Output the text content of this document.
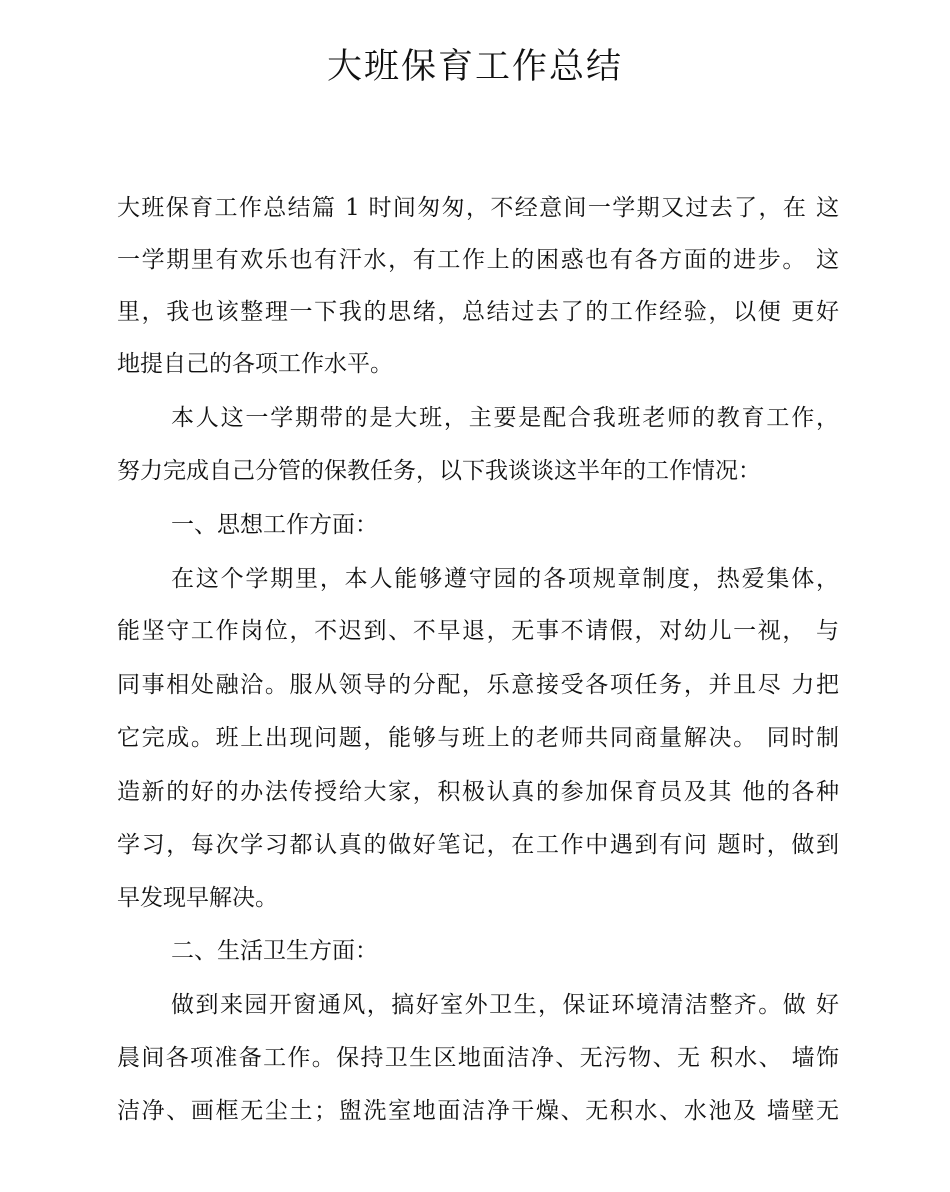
大班保育工作总结
大班保育工作总结篇 1 时间匆匆，不经意间一学期又过去了，在 这
一学期里有欢乐也有汗水，有工作上的困惑也有各方面的进步。 这
里，我也该整理一下我的思绪，总结过去了的工作经验，以便 更好
地提自己的各项工作水平。
本人这一学期带的是大班，主要是配合我班老师的教育工作，
努力完成自己分管的保教任务，以下我谈谈这半年的工作情况：
一、思想工作方面：
在这个学期里，本人能够遵守园的各项规章制度，热爱集体，
能坚守工作岗位，不迟到、不早退，无事不请假，对幼儿一视， 与
同事相处融洽。服从领导的分配，乐意接受各项任务，并且尽 力把
它完成。班上出现问题，能够与班上的老师共同商量解决。 同时制
造新的好的办法传授给大家，积极认真的参加保育员及其 他的各种
学习，每次学习都认真的做好笔记，在工作中遇到有问 题时，做到
早发现早解决。
二、生活卫生方面：
做到来园开窗通风，搞好室外卫生，保证环境清洁整齐。做 好
晨间各项准备工作。保持卫生区地面洁净、无污物、无 积水、 墙饰
洁净、画框无尘土；盥洗室地面洁净干燥、无积水、水池及 墙壁无
